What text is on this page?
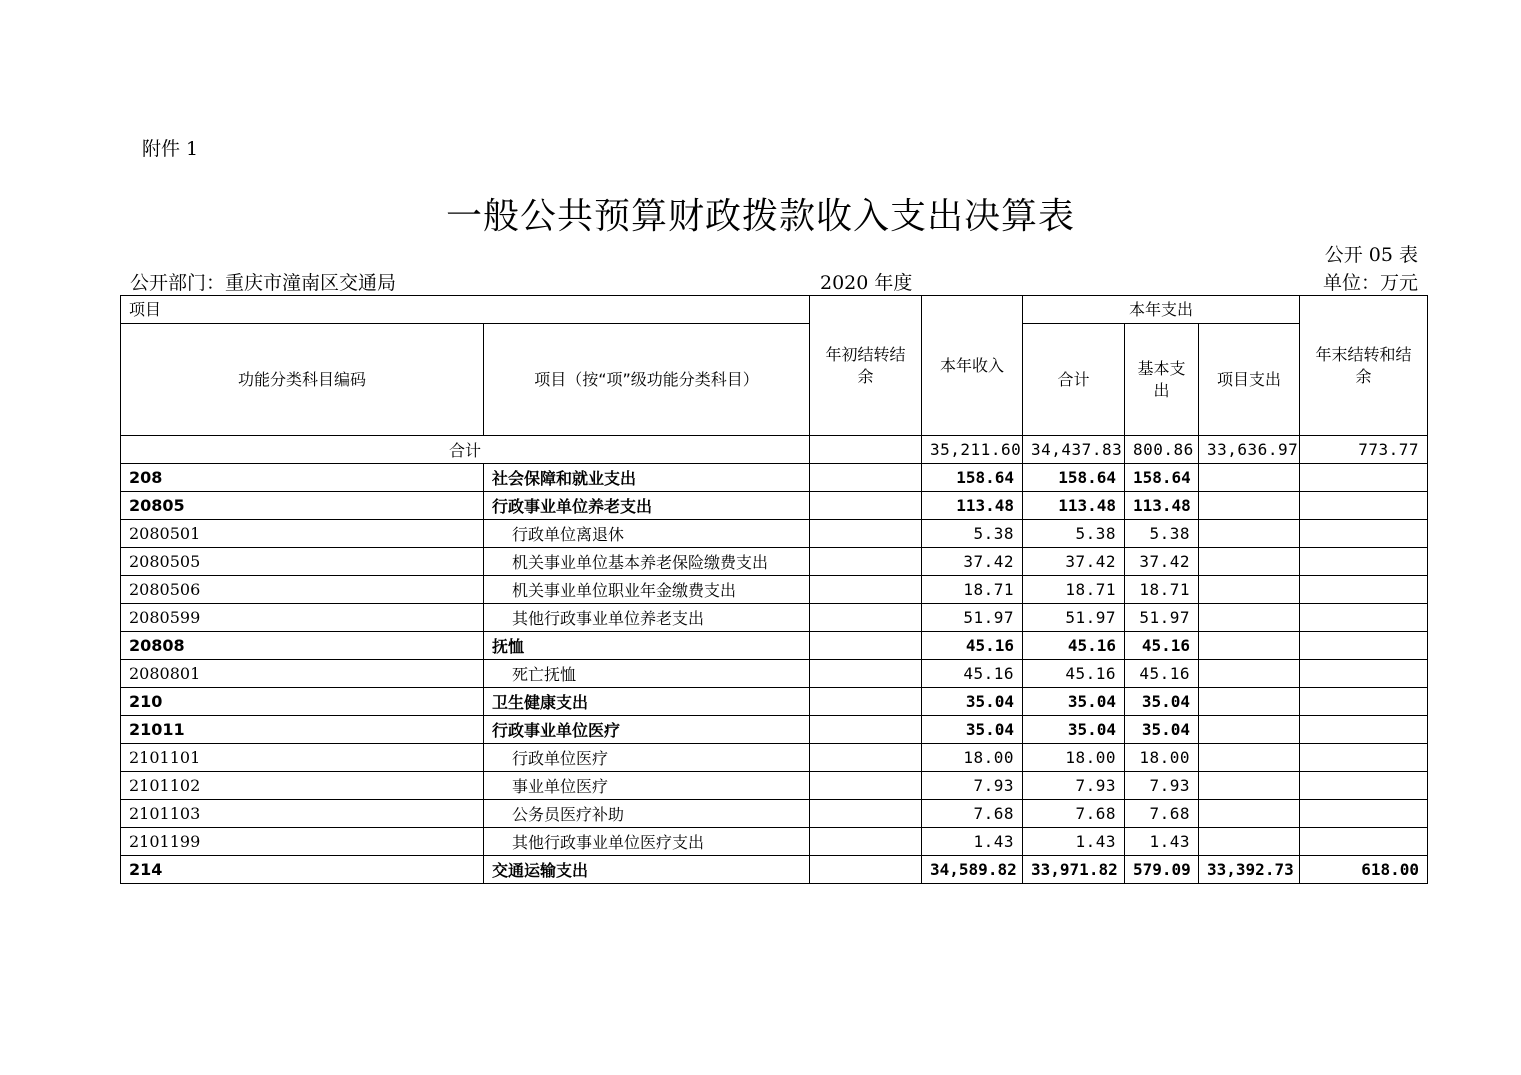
附件 1
一般公共预算财政拨款收入支出决算表
公开 05 表
公开部门：重庆市潼南区交通局	2020 年度	单位：万元
项目		年初结转结余	本年收入	本年支出			年末结转和结余
功能分类科目编码	项目（按“项”级功能分类科目）			合计	基本支出	项目支出	
合计			35,211.60	34,437.83	800.86	33,636.97	773.77
208	社会保障和就业支出		158.64	158.64	158.64		
20805	行政事业单位养老支出		113.48	113.48	113.48		
2080501	行政单位离退休		5.38	5.38	5.38		
2080505	机关事业单位基本养老保险缴费支出		37.42	37.42	37.42		
2080506	机关事业单位职业年金缴费支出		18.71	18.71	18.71		
2080599	其他行政事业单位养老支出		51.97	51.97	51.97		
20808	抚恤		45.16	45.16	45.16		
2080801	死亡抚恤		45.16	45.16	45.16		
210	卫生健康支出		35.04	35.04	35.04		
21011	行政事业单位医疗		35.04	35.04	35.04		
2101101	行政单位医疗		18.00	18.00	18.00		
2101102	事业单位医疗		7.93	7.93	7.93		
2101103	公务员医疗补助		7.68	7.68	7.68		
2101199	其他行政事业单位医疗支出		1.43	1.43	1.43		
214	交通运输支出		34,589.82	33,971.82	579.09	33,392.73	618.00
